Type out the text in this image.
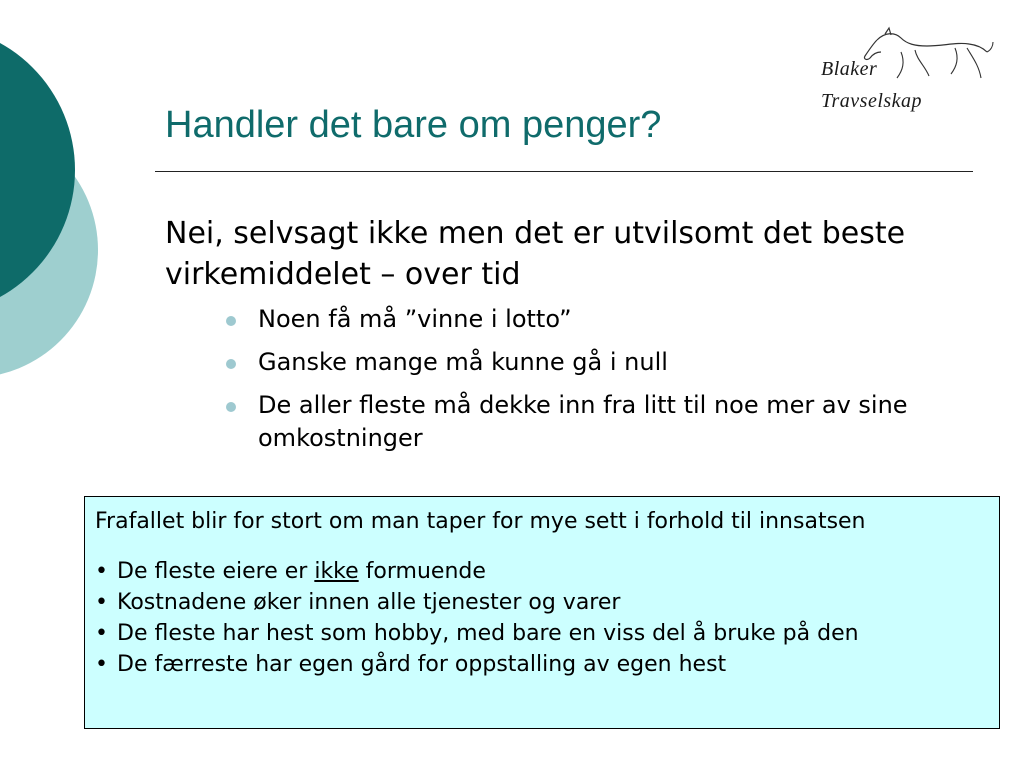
Blaker
Travselskap
Handler det bare om penger?

Nei, selvsagt ikke men det er utvilsomt det beste virkemiddelet – over tid

Noen få må ”vinne i lotto”
Ganske mange må kunne gå i null
De aller fleste må dekke inn fra litt til noe mer av sine omkostninger

Frafallet blir for stort om man taper for mye sett i forhold til innsatsen

• De fleste eiere er ikke formuende
• Kostnadene øker innen alle tjenester og varer
• De fleste har hest som hobby, med bare en viss del å bruke på den
• De færreste har egen gård for oppstalling av egen hest
